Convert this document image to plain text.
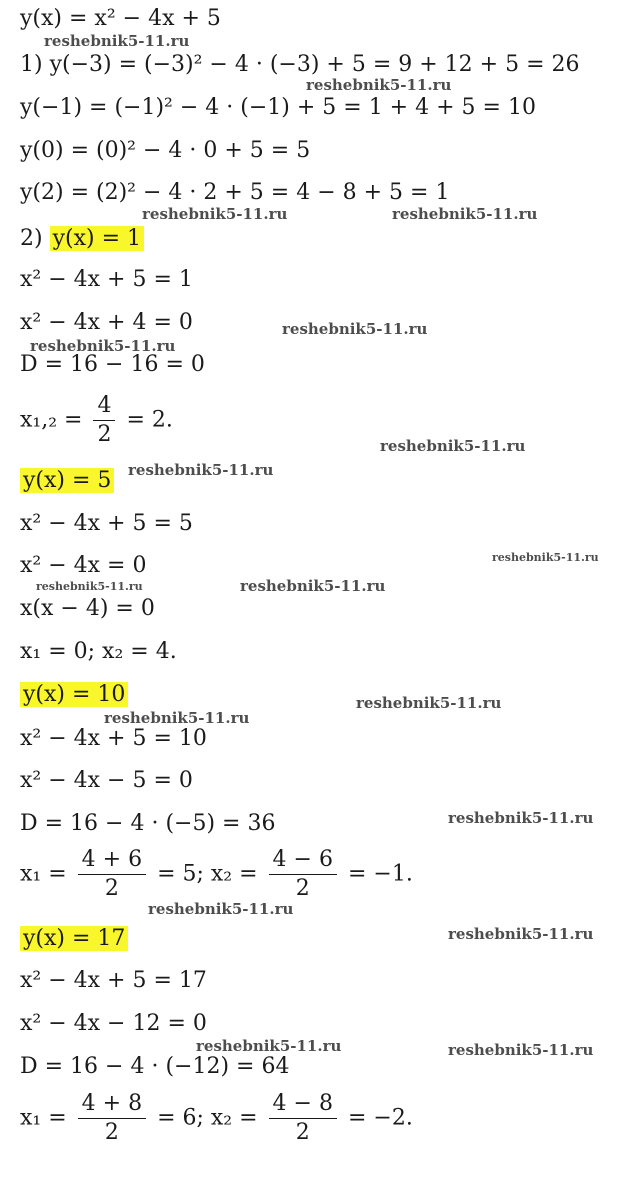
y(x) = x² − 4x + 5
1) y(−3) = (−3)² − 4 · (−3) + 5 = 9 + 12 + 5 = 26
y(−1) = (−1)² − 4 · (−1) + 5 = 1 + 4 + 5 = 10
y(0) = (0)² − 4 · 0 + 5 = 5
y(2) = (2)² − 4 · 2 + 5 = 4 − 8 + 5 = 1
2) y(x) = 1
x² − 4x + 5 = 1
x² − 4x + 4 = 0
D = 16 − 16 = 0
$x_1,_2 = \frac{4}{2} = 2$.
y(x) = 5
x² − 4x + 5 = 5
x² − 4x = 0
x(x − 4) = 0
x₁ = 0; x₂ = 4.
y(x) = 10
x² − 4x + 5 = 10
x² − 4x − 5 = 0
D = 16 − 4 · (−5) = 36
$x_1 = \frac{4 + 6}{2} = 5$; $x_2 = \frac{4 - 6}{2} = -1$.
y(x) = 17
x² − 4x + 5 = 17
x² − 4x − 12 = 0
D = 16 − 4 · (−12) = 64
$x_1 = \frac{4 + 8}{2} = 6$; $x_2 = \frac{4 - 8}{2} = -2$.
reshebnik5-11.ru
reshebnik5-11.ru
reshebnik5-11.ru	reshebnik5-11.ru
reshebnik5-11.ru
reshebnik5-11.ru
reshebnik5-11.ru
reshebnik5-11.ru
reshebnik5-11.ru
reshebnik5-11.ru	reshebnik5-11.ru
reshebnik5-11.ru
reshebnik5-11.ru
reshebnik5-11.ru
reshebnik5-11.ru
reshebnik5-11.ru
reshebnik5-11.ru	reshebnik5-11.ru
